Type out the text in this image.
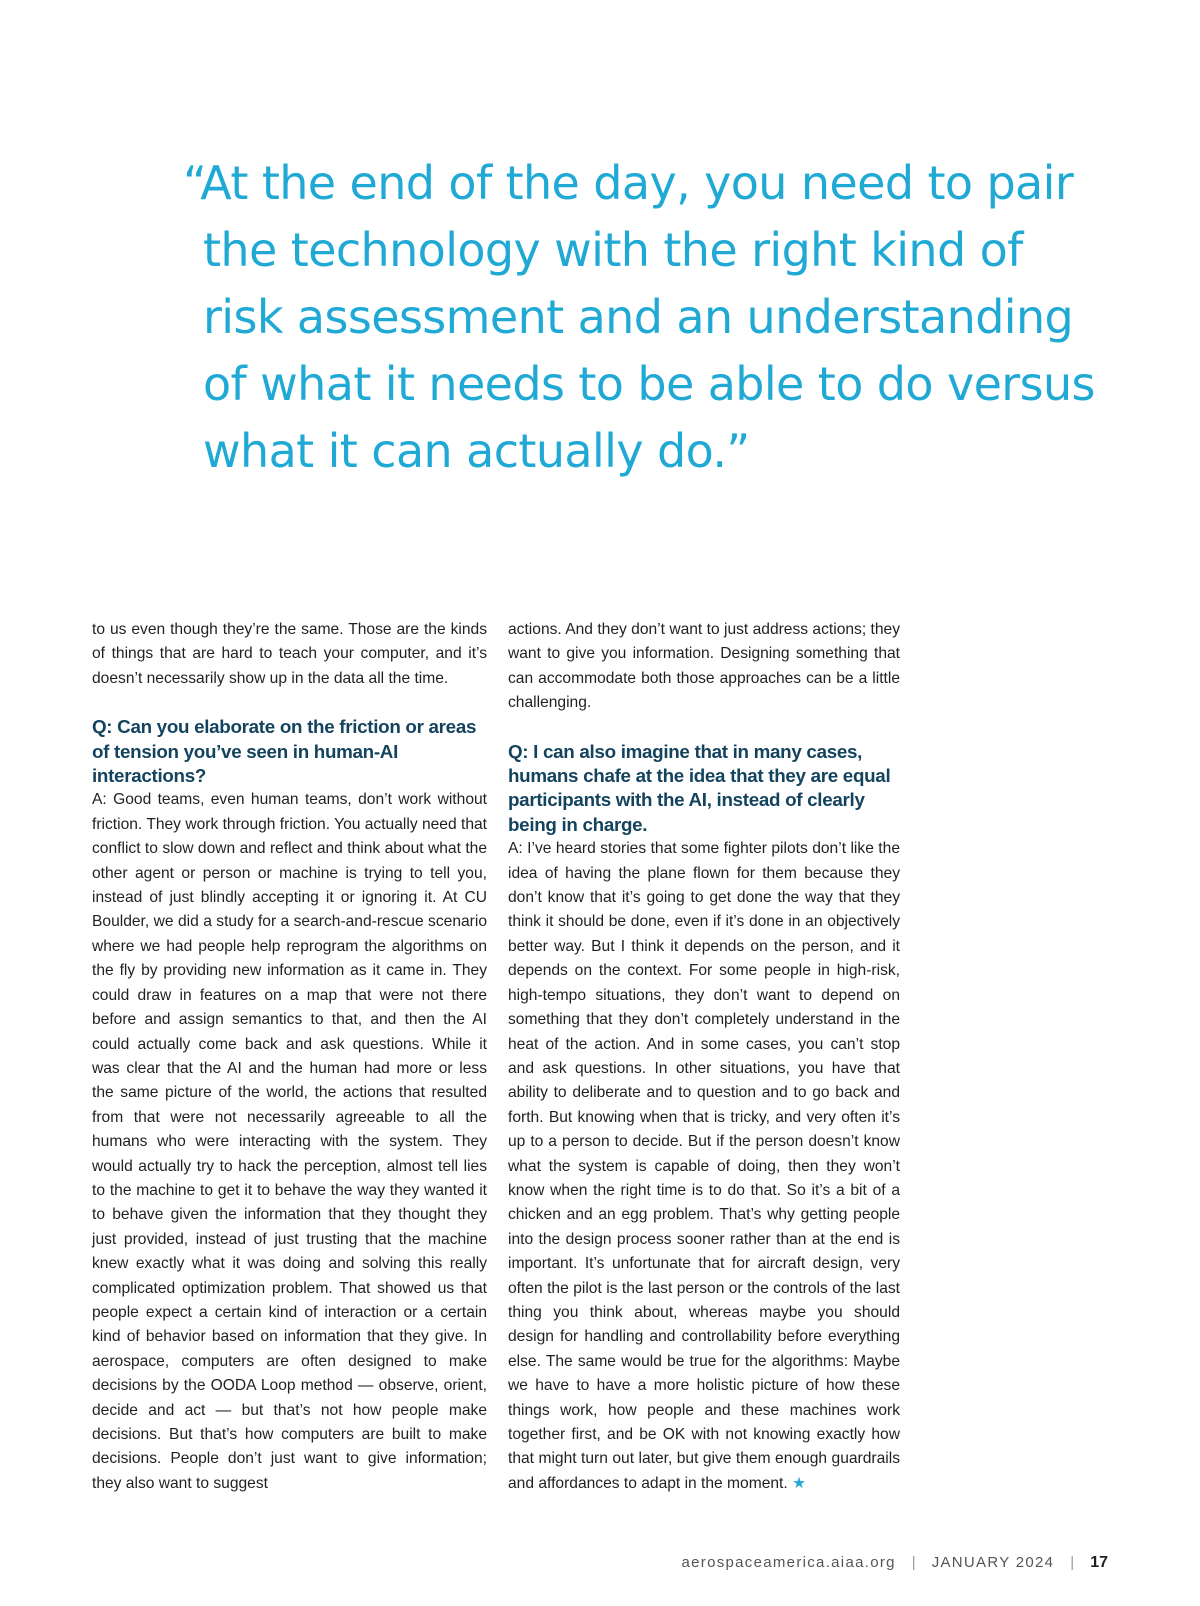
“At the end of the day, you need to pair
the technology with the right kind of
risk assessment and an understanding
of what it needs to be able to do versus
what it can actually do.”

to us even though they’re the same. Those are the kinds of things that are hard to teach your computer, and it’s doesn’t necessarily show up in the data all the time.

Q: Can you elaborate on the friction or areas of tension you’ve seen in human-AI interactions?

A: Good teams, even human teams, don’t work without friction. They work through friction. You actually need that conflict to slow down and reflect and think about what the other agent or person or machine is trying to tell you, instead of just blindly accepting it or ignoring it. At CU Boulder, we did a study for a search-and-rescue scenario where we had people help reprogram the algorithms on the fly by providing new information as it came in. They could draw in features on a map that were not there before and assign semantics to that, and then the AI could actually come back and ask questions. While it was clear that the AI and the human had more or less the same picture of the world, the actions that resulted from that were not necessarily agreeable to all the humans who were interacting with the system. They would actually try to hack the perception, almost tell lies to the machine to get it to behave the way they wanted it to behave given the information that they thought they just provided, instead of just trusting that the machine knew exactly what it was doing and solving this really complicated optimization problem. That showed us that people expect a certain kind of interaction or a certain kind of behavior based on information that they give. In aerospace, computers are often designed to make decisions by the OODA Loop method — observe, orient, decide and act — but that’s not how people make decisions. But that’s how computers are built to make decisions. People don’t just want to give information; they also want to suggest

actions. And they don’t want to just address actions; they want to give you information. Designing something that can accommodate both those approaches can be a little challenging.

Q: I can also imagine that in many cases, humans chafe at the idea that they are equal participants with the AI, instead of clearly being in charge.

A: I’ve heard stories that some fighter pilots don’t like the idea of having the plane flown for them because they don’t know that it’s going to get done the way that they think it should be done, even if it’s done in an objectively better way. But I think it depends on the person, and it depends on the context. For some people in high-risk, high-tempo situations, they don’t want to depend on something that they don’t completely understand in the heat of the action. And in some cases, you can’t stop and ask questions. In other situations, you have that ability to deliberate and to question and to go back and forth. But knowing when that is tricky, and very often it’s up to a person to decide. But if the person doesn’t know what the system is capable of doing, then they won’t know when the right time is to do that. So it’s a bit of a chicken and an egg problem. That’s why getting people into the design process sooner rather than at the end is important. It’s unfortunate that for aircraft design, very often the pilot is the last person or the controls of the last thing you think about, whereas maybe you should design for handling and controllability before everything else. The same would be true for the algorithms: Maybe we have to have a more holistic picture of how these things work, how people and these machines work together first, and be OK with not knowing exactly how that might turn out later, but give them enough guardrails and affordances to adapt in the moment. ★

aerospaceamerica.aiaa.org | JANUARY 2024 | 17
